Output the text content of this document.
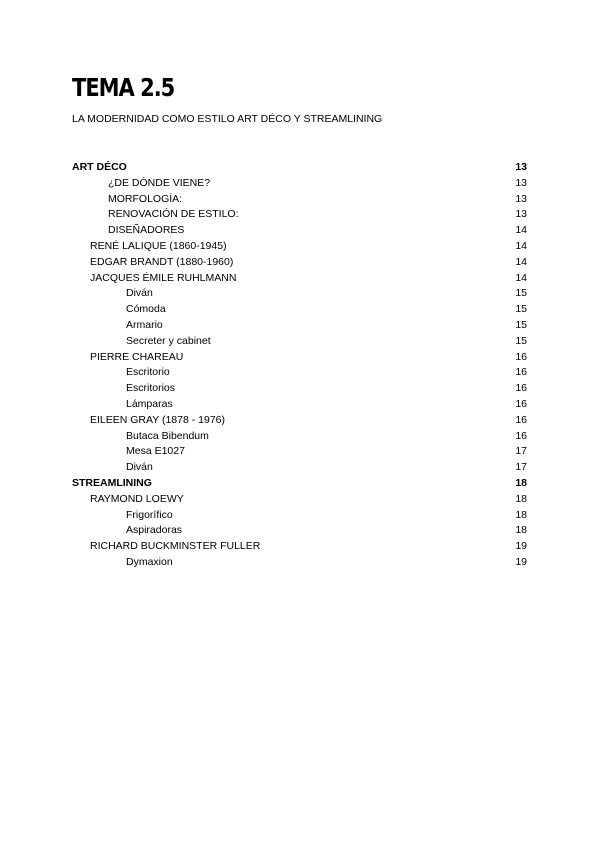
TEMA 2.5
LA MODERNIDAD COMO ESTILO ART DÉCO Y STREAMLINING
ART DÉCO	13
¿DE DÓNDE VIENE?	13
MORFOLOGÍA:	13
RENOVACIÓN DE ESTILO:	13
DISEÑADORES	14
RENÉ LALIQUE (1860-1945)	14
EDGAR BRANDT (1880-1960)	14
JACQUES ÉMILE RUHLMANN	14
Diván	15
Cómoda	15
Armario	15
Secreter y cabinet	15
PIERRE CHAREAU	16
Escritorio	16
Escritorios	16
Lámparas	16
EILEEN GRAY (1878 - 1976)	16
Butaca Bibendum	16
Mesa E1027	17
Diván	17
STREAMLINING	18
RAYMOND LOEWY	18
Frigorífico	18
Aspiradoras	18
RICHARD BUCKMINSTER FULLER	19
Dymaxion	19
